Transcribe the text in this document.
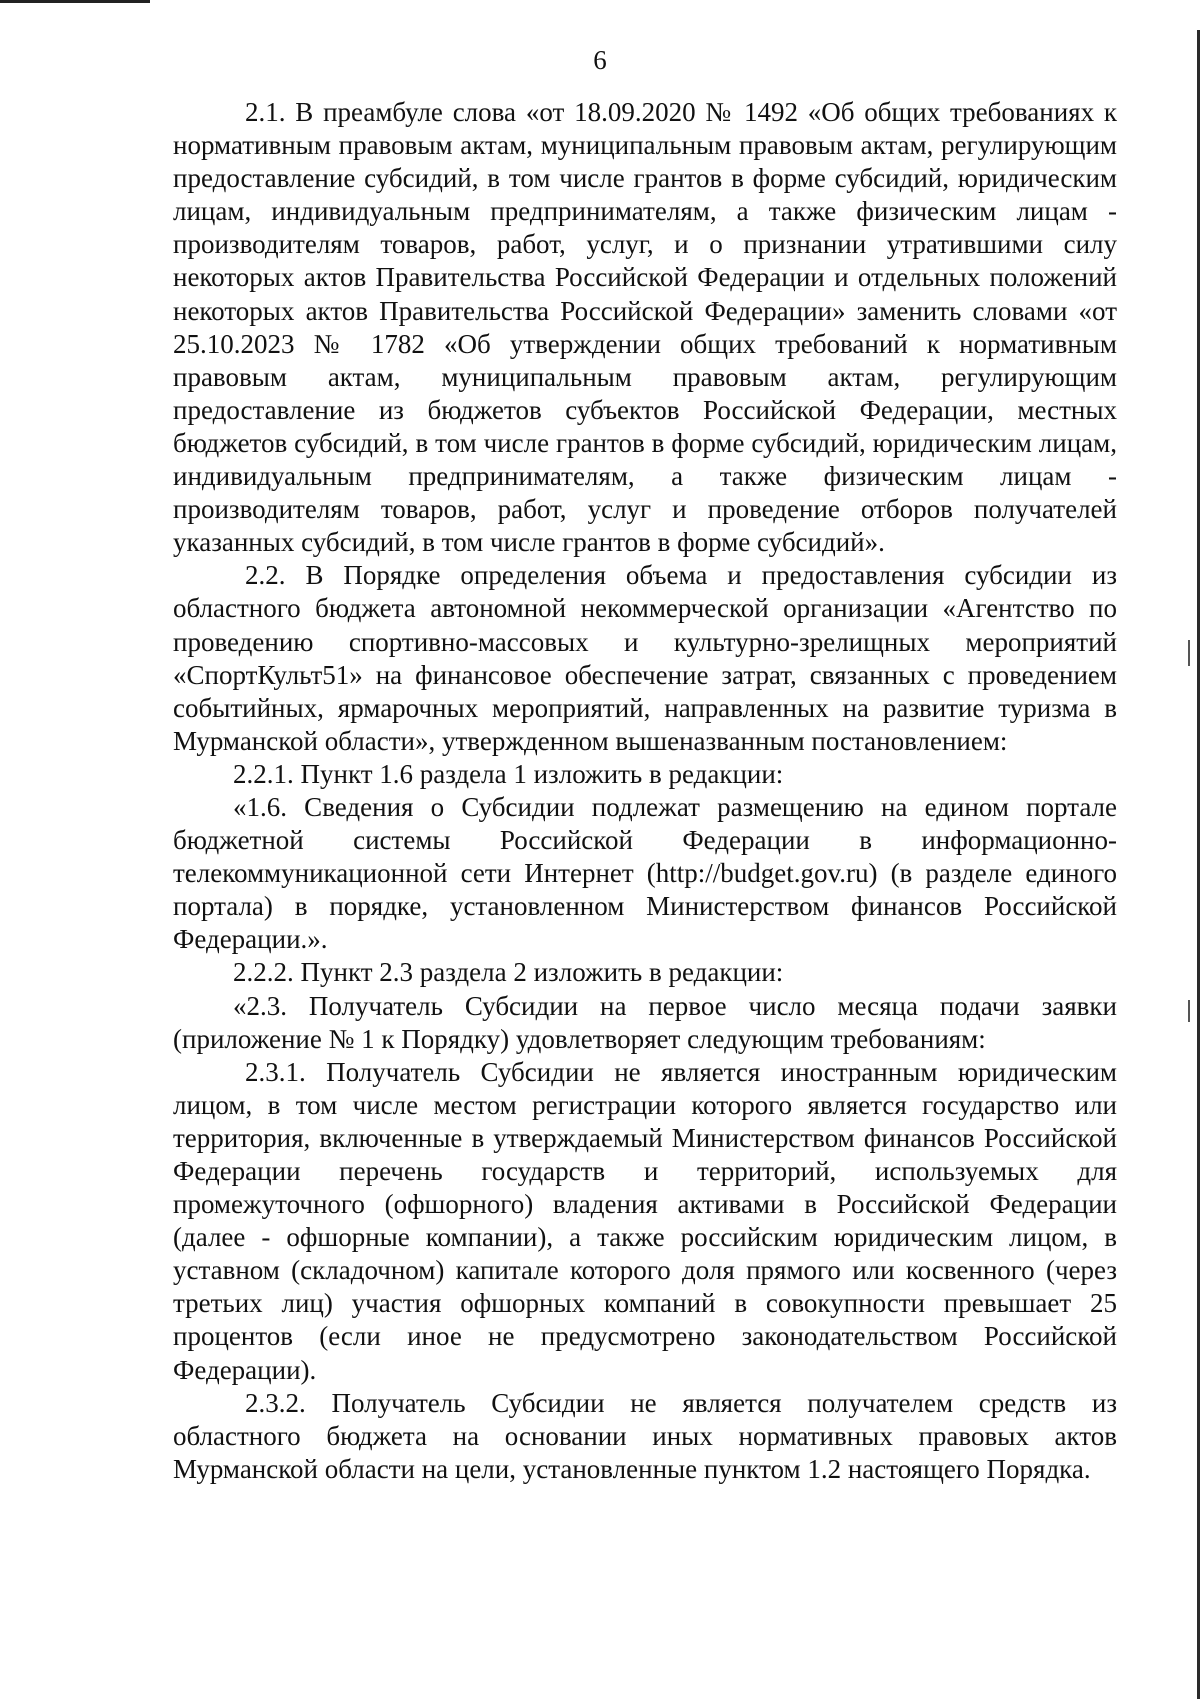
6

2.1. В преамбуле слова «от 18.09.2020 № 1492 «Об общих требованиях к нормативным правовым актам, муниципальным правовым актам, регулирующим предоставление субсидий, в том числе грантов в форме субсидий, юридическим лицам, индивидуальным предпринимателям, а также физическим лицам - производителям товаров, работ, услуг, и о признании утратившими силу некоторых актов Правительства Российской Федерации и отдельных положений некоторых актов Правительства Российской Федерации» заменить словами «от 25.10.2023 № 1782 «Об утверждении общих требований к нормативным правовым актам, муниципальным правовым актам, регулирующим предоставление из бюджетов субъектов Российской Федерации, местных бюджетов субсидий, в том числе грантов в форме субсидий, юридическим лицам, индивидуальным предпринимателям, а также физическим лицам - производителям товаров, работ, услуг и проведение отборов получателей указанных субсидий, в том числе грантов в форме субсидий».

2.2. В Порядке определения объема и предоставления субсидии из областного бюджета автономной некоммерческой организации «Агентство по проведению спортивно-массовых и культурно-зрелищных мероприятий «СпортКульт51» на финансовое обеспечение затрат, связанных с проведением событийных, ярмарочных мероприятий, направленных на развитие туризма в Мурманской области», утвержденном вышеназванным постановлением:

2.2.1. Пункт 1.6 раздела 1 изложить в редакции:

«1.6. Сведения о Субсидии подлежат размещению на едином портале бюджетной системы Российской Федерации в информационно-телекоммуникационной сети Интернет (http://budget.gov.ru) (в разделе единого портала) в порядке, установленном Министерством финансов Российской Федерации.».

2.2.2. Пункт 2.3 раздела 2 изложить в редакции:

«2.3. Получатель Субсидии на первое число месяца подачи заявки (приложение № 1 к Порядку) удовлетворяет следующим требованиям:

2.3.1. Получатель Субсидии не является иностранным юридическим лицом, в том числе местом регистрации которого является государство или территория, включенные в утверждаемый Министерством финансов Российской Федерации перечень государств и территорий, используемых для промежуточного (офшорного) владения активами в Российской Федерации (далее - офшорные компании), а также российским юридическим лицом, в уставном (складочном) капитале которого доля прямого или косвенного (через третьих лиц) участия офшорных компаний в совокупности превышает 25 процентов (если иное не предусмотрено законодательством Российской Федерации).

2.3.2. Получатель Субсидии не является получателем средств из областного бюджета на основании иных нормативных правовых актов Мурманской области на цели, установленные пунктом 1.2 настоящего Порядка.
